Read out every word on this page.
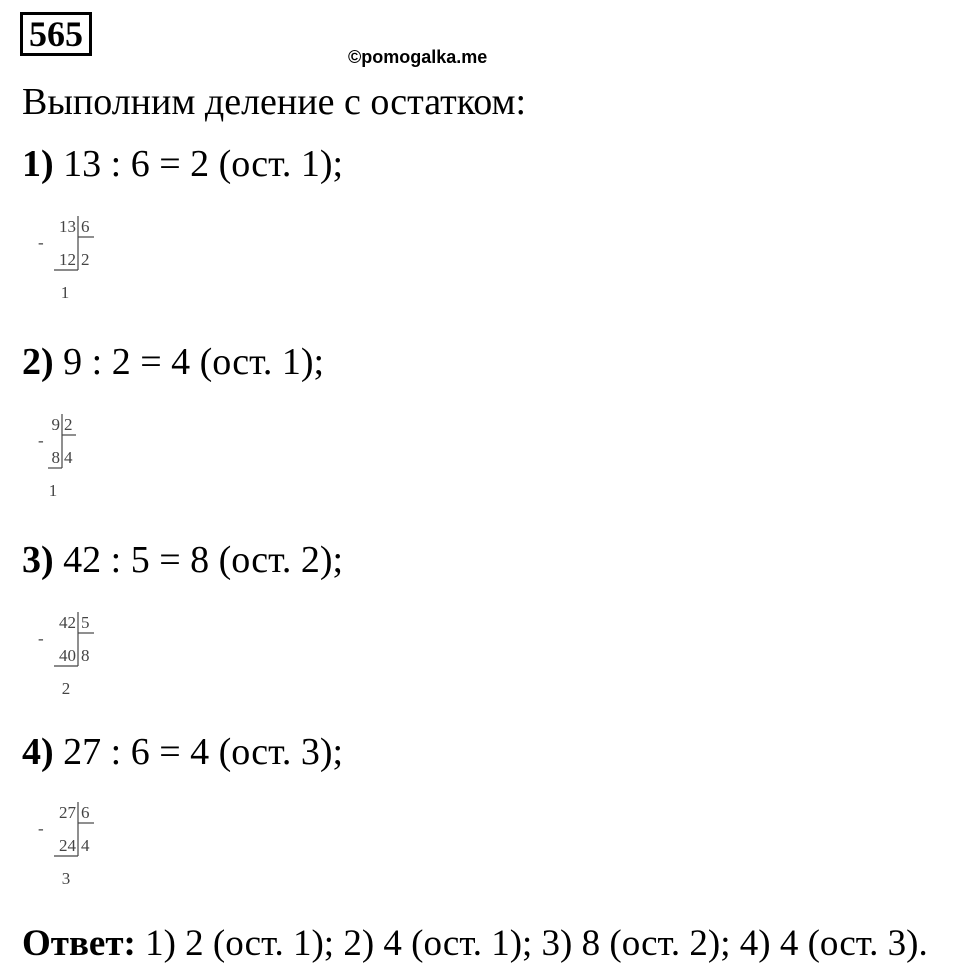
565
©pomogalka.me
Выполним деление с остатком:
1) 13 : 6 = 2 (ост. 1);
-
13 6
12 2
1
2) 9 : 2 = 4 (ост. 1);
-
9 2
8 4
1
3) 42 : 5 = 8 (ост. 2);
-
42 5
40 8
2
4) 27 : 6 = 4 (ост. 3);
-
27 6
24 4
3
Ответ: 1) 2 (ост. 1); 2) 4 (ост. 1); 3) 8 (ост. 2); 4) 4 (ост. 3).
